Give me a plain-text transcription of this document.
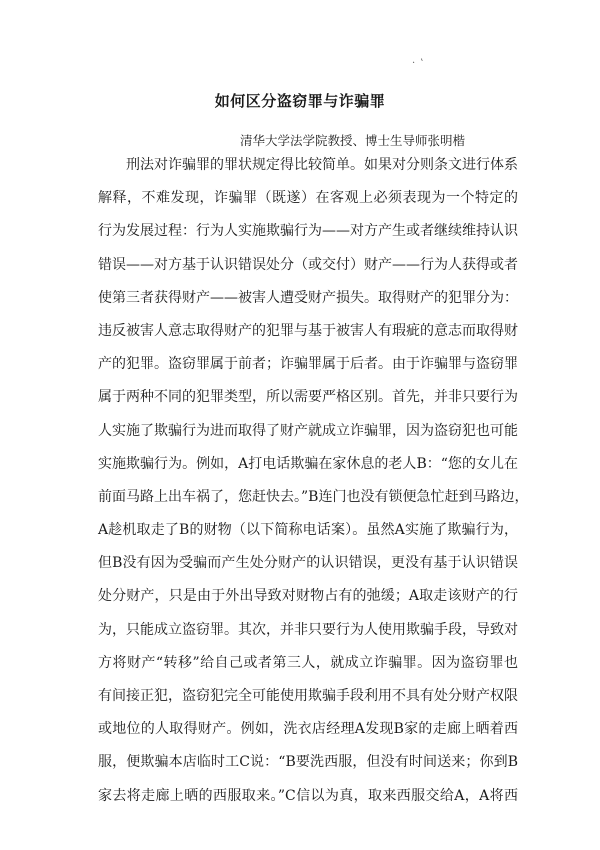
· ‛
如何区分盗窃罪与诈骗罪

清华大学法学院教授、博士生导师张明楷

刑法对诈骗罪的罪状规定得比较简单。如果对分则条文进行体系
解释，不难发现，诈骗罪（既遂）在客观上必须表现为一个特定的
行为发展过程：行为人实施欺骗行为——对方产生或者继续维持认识
错误——对方基于认识错误处分（或交付）财产——行为人获得或者
使第三者获得财产——被害人遭受财产损失。取得财产的犯罪分为：
违反被害人意志取得财产的犯罪与基于被害人有瑕疵的意志而取得财
产的犯罪。盗窃罪属于前者；诈骗罪属于后者。由于诈骗罪与盗窃罪
属于两种不同的犯罪类型，所以需要严格区别。首先，并非只要行为
人实施了欺骗行为进而取得了财产就成立诈骗罪，因为盗窃犯也可能
实施欺骗行为。例如，A打电话欺骗在家休息的老人B：“您的女儿在
前面马路上出车祸了，您赶快去。”B连门也没有锁便急忙赶到马路边，
A趁机取走了B的财物（以下简称电话案）。虽然A实施了欺骗行为，
但B没有因为受骗而产生处分财产的认识错误，更没有基于认识错误
处分财产，只是由于外出导致对财物占有的弛缓；A取走该财产的行
为，只能成立盗窃罪。其次，并非只要行为人使用欺骗手段，导致对
方将财产“转移”给自己或者第三人，就成立诈骗罪。因为盗窃罪也
有间接正犯，盗窃犯完全可能使用欺骗手段利用不具有处分财产权限
或地位的人取得财产。例如，洗衣店经理A发现B家的走廊上晒着西
服，便欺骗本店临时工C说：“B要洗西服，但没有时间送来；你到B
家去将走廊上晒的西服取来。”C信以为真，取来西服交给A，A将西
